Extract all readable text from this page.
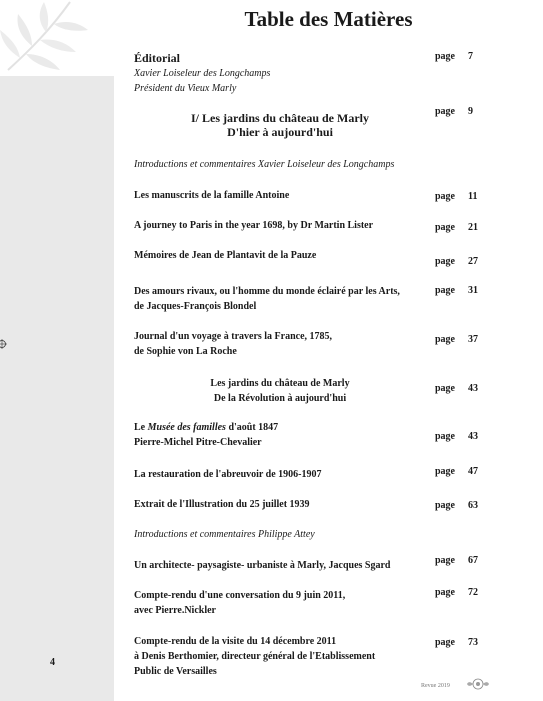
4
Table des Matières
Éditorial
Xavier Loiseleur des Longchamps
Président du Vieux Marly
page 7
I/ Les jardins du château de Marly
D'hier à aujourd'hui
page 9
Introductions et commentaires Xavier Loiseleur des Longchamps
Les manuscrits de la famille Antoine	page 11
A journey to Paris in the year 1698, by Dr Martin Lister	page 21
Mémoires de Jean de Plantavit de la Pauze
page 27
Des amours rivaux, ou l'homme du monde éclairé par les Arts,
de Jacques-François Blondel
page 31
Journal d'un voyage à travers la France, 1785,
de Sophie von La Roche
page 37
Les jardins du château de Marly
De la Révolution à aujourd'hui
page 43
Le Musée des familles d'août 1847
Pierre-Michel Pitre-Chevalier
page 43
La restauration de l'abreuvoir de 1906-1907	page 47
Extrait de l'Illustration du 25 juillet 1939	page 63
Introductions et commentaires Philippe Attey
Un architecte- paysagiste- urbaniste à Marly, Jacques Sgard	page 67
Compte-rendu d'une conversation du 9 juin 2011,
avec Pierre.Nickler
page 72
Compte-rendu de la visite du 14 décembre 2011
à Denis Berthomier, directeur général de l'Etablissement
Public de Versailles
page 73
Revue 2019
